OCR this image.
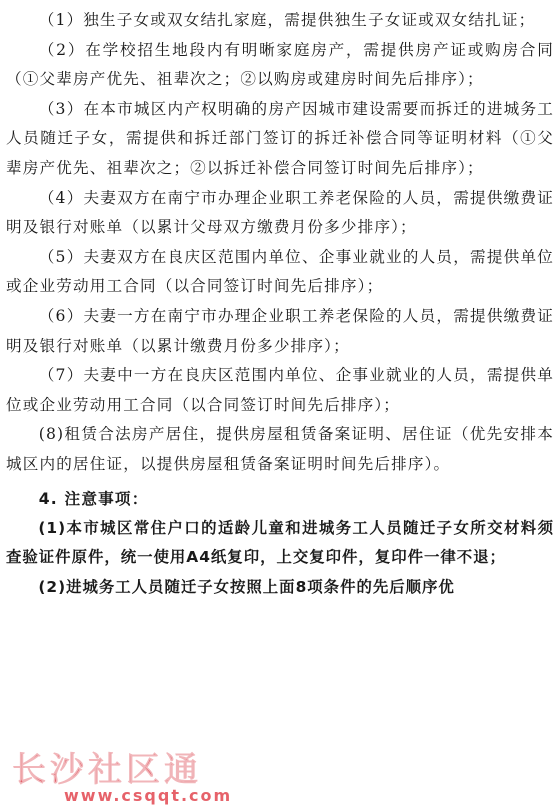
（1）独生子女或双女结扎家庭，需提供独生子女证或双女结扎证；

（2）在学校招生地段内有明晰家庭房产，需提供房产证或购房合同（①父辈房产优先、祖辈次之；②以购房或建房时间先后排序）；

（3）在本市城区内产权明确的房产因城市建设需要而拆迁的进城务工人员随迁子女，需提供和拆迁部门签订的拆迁补偿合同等证明材料（①父辈房产优先、祖辈次之；②以拆迁补偿合同签订时间先后排序）；

（4）夫妻双方在南宁市办理企业职工养老保险的人员，需提供缴费证明及银行对账单（以累计父母双方缴费月份多少排序）；

（5）夫妻双方在良庆区范围内单位、企事业就业的人员，需提供单位或企业劳动用工合同（以合同签订时间先后排序）；

（6）夫妻一方在南宁市办理企业职工养老保险的人员，需提供缴费证明及银行对账单（以累计缴费月份多少排序）；

（7）夫妻中一方在良庆区范围内单位、企事业就业的人员，需提供单位或企业劳动用工合同（以合同签订时间先后排序）；

(8)租赁合法房产居住，提供房屋租赁备案证明、居住证（优先安排本城区内的居住证，以提供房屋租赁备案证明时间先后排序）。

4. 注意事项：

(1)本市城区常住户口的适龄儿童和进城务工人员随迁子女所交材料须查验证件原件，统一使用A4纸复印，上交复印件，复印件一律不退；

(2)进城务工人员随迁子女按照上面8项条件的先后顺序优

长沙社区通
www.csqqt.com
